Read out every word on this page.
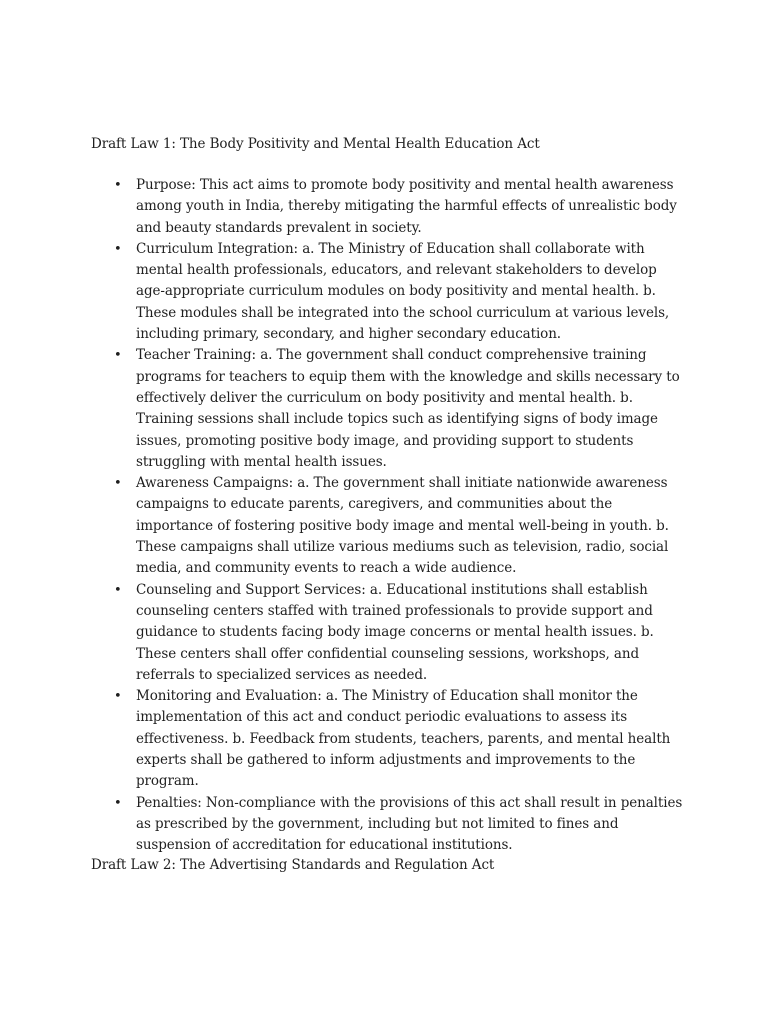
Draft Law 1: The Body Positivity and Mental Health Education Act
• Purpose: This act aims to promote body positivity and mental health awareness among youth in India, thereby mitigating the harmful effects of unrealistic body and beauty standards prevalent in society.
• Curriculum Integration: a. The Ministry of Education shall collaborate with mental health professionals, educators, and relevant stakeholders to develop age-appropriate curriculum modules on body positivity and mental health. b. These modules shall be integrated into the school curriculum at various levels, including primary, secondary, and higher secondary education.
• Teacher Training: a. The government shall conduct comprehensive training programs for teachers to equip them with the knowledge and skills necessary to effectively deliver the curriculum on body positivity and mental health. b. Training sessions shall include topics such as identifying signs of body image issues, promoting positive body image, and providing support to students struggling with mental health issues.
• Awareness Campaigns: a. The government shall initiate nationwide awareness campaigns to educate parents, caregivers, and communities about the importance of fostering positive body image and mental well-being in youth. b. These campaigns shall utilize various mediums such as television, radio, social media, and community events to reach a wide audience.
• Counseling and Support Services: a. Educational institutions shall establish counseling centers staffed with trained professionals to provide support and guidance to students facing body image concerns or mental health issues. b. These centers shall offer confidential counseling sessions, workshops, and referrals to specialized services as needed.
• Monitoring and Evaluation: a. The Ministry of Education shall monitor the implementation of this act and conduct periodic evaluations to assess its effectiveness. b. Feedback from students, teachers, parents, and mental health experts shall be gathered to inform adjustments and improvements to the program.
• Penalties: Non-compliance with the provisions of this act shall result in penalties as prescribed by the government, including but not limited to fines and suspension of accreditation for educational institutions.
Draft Law 2: The Advertising Standards and Regulation Act
